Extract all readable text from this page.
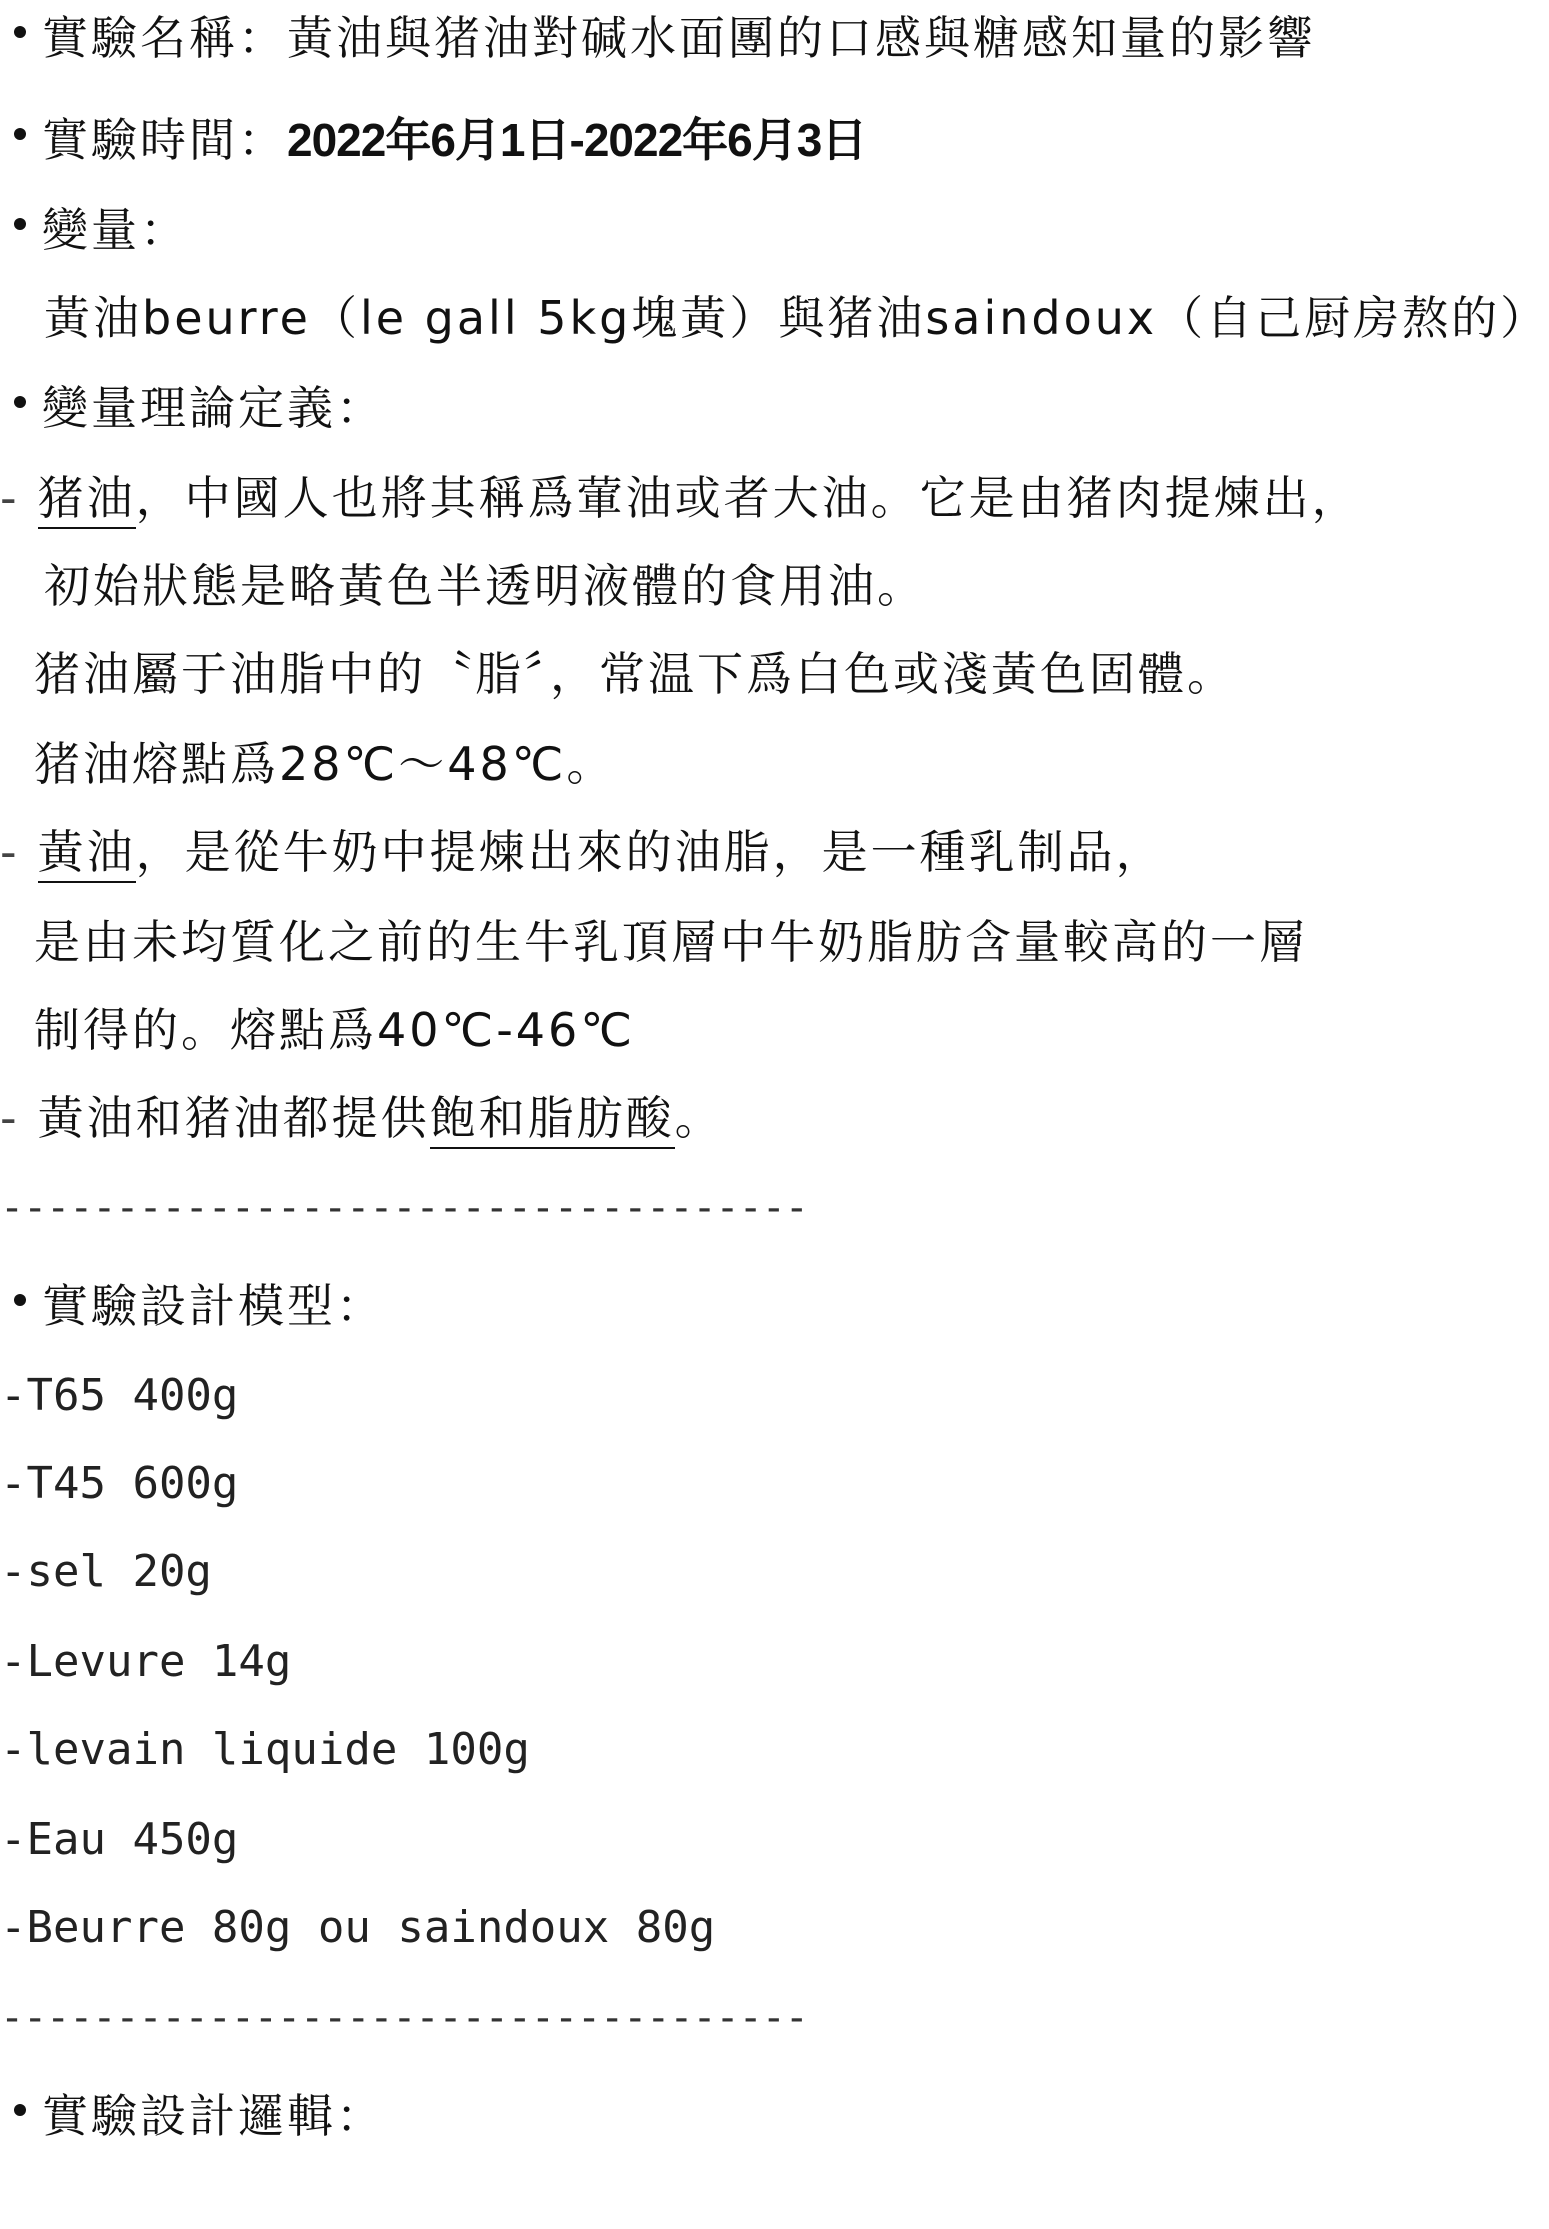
實驗名稱：黃油與猪油對碱水面團的口感與糖感知量的影響
實驗時間：2022年6月1日-2022年6月3日
變量：
黃油beurre（le gall 5kg塊黃）與猪油saindoux（自己厨房熬的）
變量理論定義：
- 猪油，中國人也將其稱爲葷油或者大油。它是由猪肉提煉出，
初始狀態是略黃色半透明液體的食用油。
猪油屬于油脂中的〝脂〞，常温下爲白色或淺黃色固體。
猪油熔點爲28℃～48℃。
- 黃油，是從牛奶中提煉出來的油脂，是一種乳制品，
是由未均質化之前的生牛乳頂層中牛奶脂肪含量較高的一層
制得的。熔點爲40℃-46℃
- 黃油和猪油都提供飽和脂肪酸。
-----------------------------------
實驗設計模型：
-T65 400g
-T45 600g
-sel 20g
-Levure 14g
-levain liquide 100g
-Eau 450g
-Beurre 80g ou saindoux 80g
-----------------------------------
實驗設計邏輯：
